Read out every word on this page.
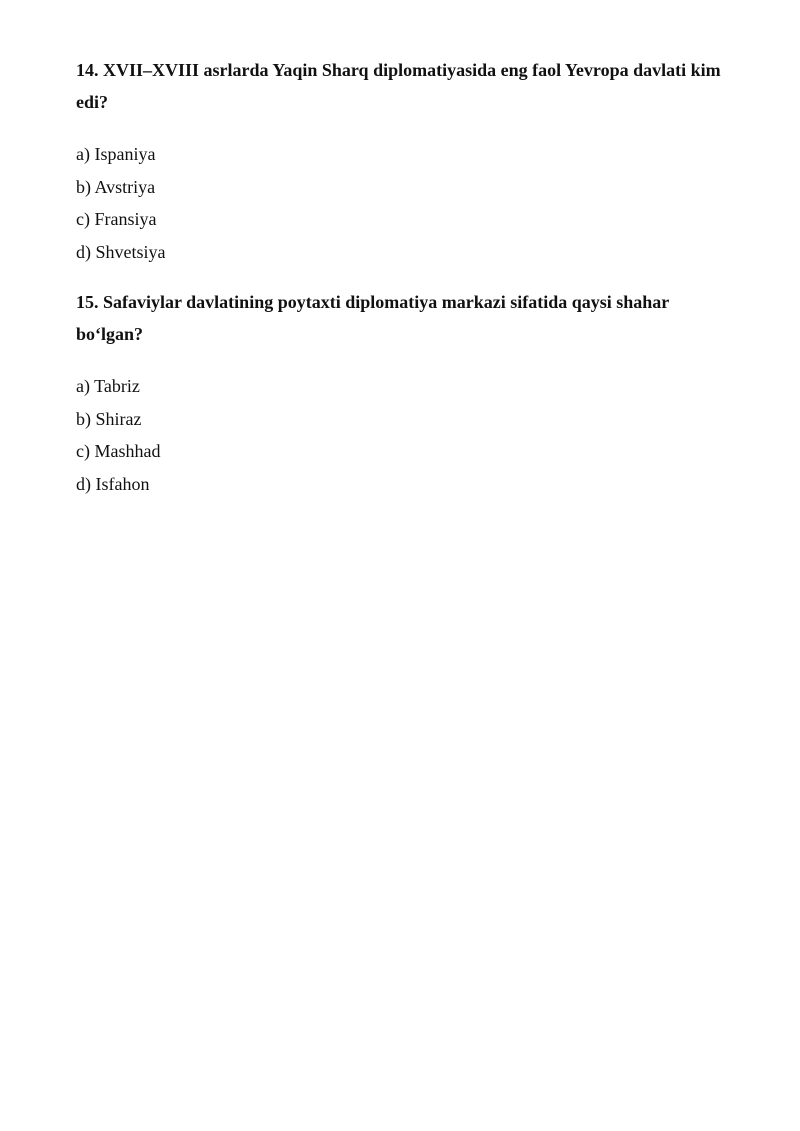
14. XVII–XVIII asrlarda Yaqin Sharq diplomatiyasida eng faol Yevropa davlati kim edi?

a) Ispaniya
b) Avstriya
c) Fransiya
d) Shvetsiya

15. Safaviylar davlatining poytaxti diplomatiya markazi sifatida qaysi shahar bo‘lgan?

a) Tabriz
b) Shiraz
c) Mashhad
d) Isfahon
